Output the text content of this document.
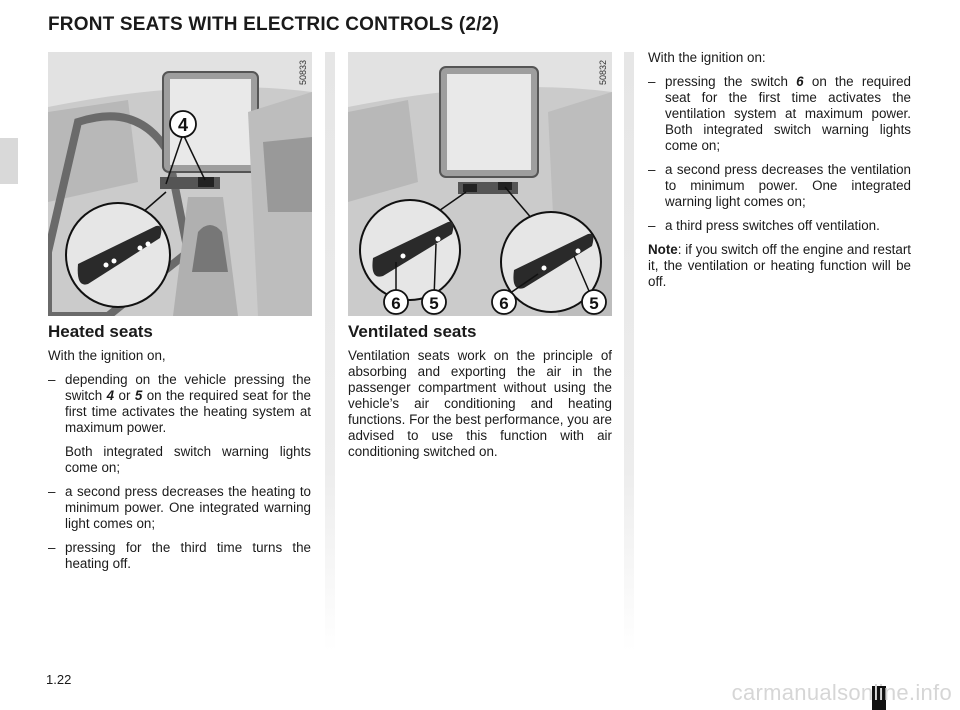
FRONT SEATS WITH ELECTRIC CONTROLS (2/2)
4
50833
6 5	6	5
50832
Heated seats

With the ignition on,

– depending on the vehicle pressing the switch 4 or 5 on the required seat for the first time activates the heating system at maximum power.
Both integrated switch warning lights come on;
– a second press decreases the heating to minimum power. One integrated warning light comes on;
– pressing for the third time turns the heating off.
Ventilated seats

Ventilation seats work on the principle of absorbing and exporting the air in the passenger compartment without using the vehicle’s air conditioning and heating functions. For the best performance, you are advised to use this function with air conditioning switched on.

With the ignition on:

– pressing the switch 6 on the required seat for the first time activates the ventilation system at maximum power. Both integrated switch warning lights come on;
– a second press decreases the ventilation to minimum power. One integrated warning light comes on;
– a third press switches off ventilation.

Note: if you switch off the engine and restart it, the ventilation or heating function will be off.

1.22
carmanualsonline.info
